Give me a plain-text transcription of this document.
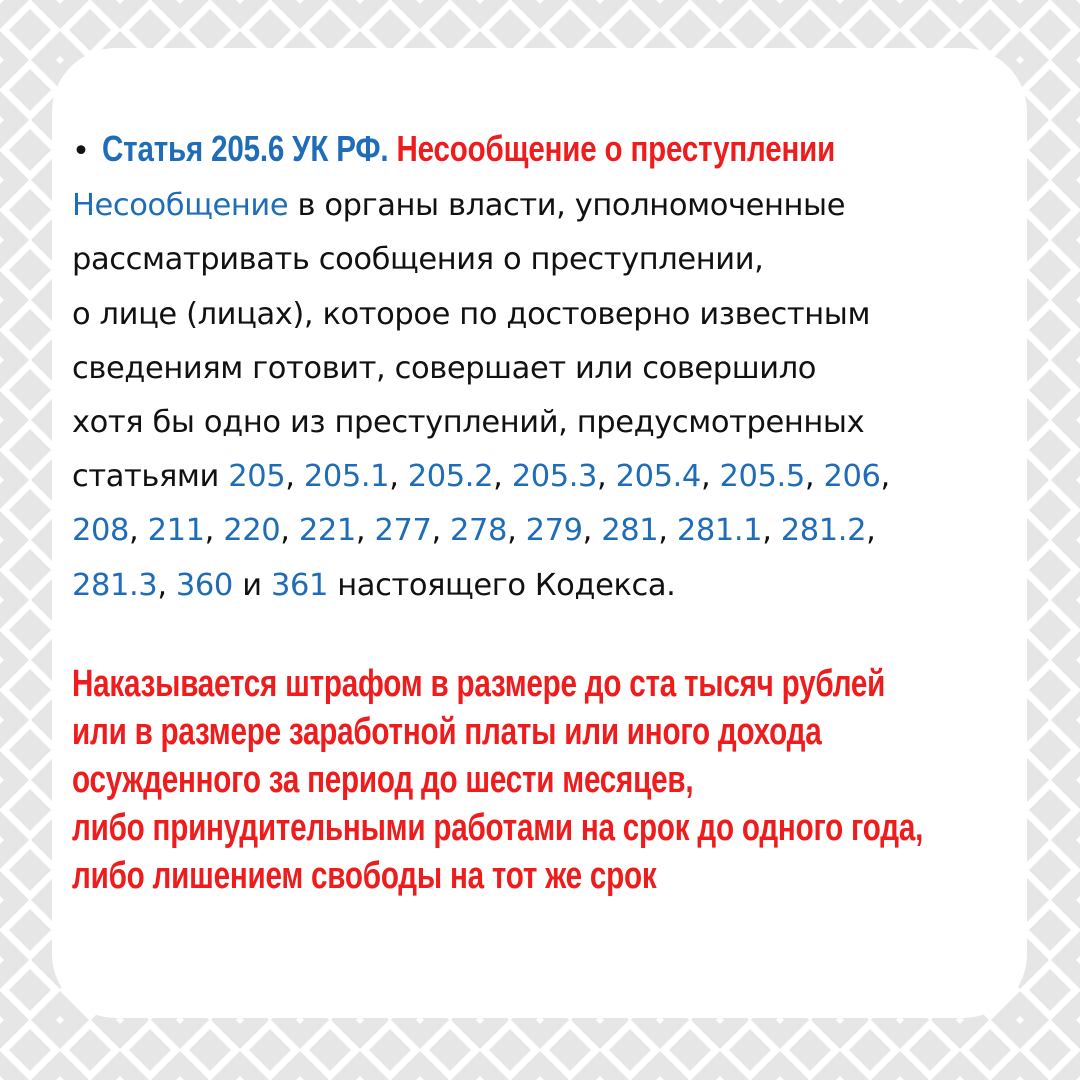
• Статья 205.6 УК РФ. Несообщение о преступлении
Несообщение в органы власти, уполномоченные
рассматривать сообщения о преступлении,
о лице (лицах), которое по достоверно известным
сведениям готовит, совершает или совершило
хотя бы одно из преступлений, предусмотренных
статьями 205, 205.1, 205.2, 205.3, 205.4, 205.5, 206,
208, 211, 220, 221, 277, 278, 279, 281, 281.1, 281.2,
281.3, 360 и 361 настоящего Кодекса.
Наказывается штрафом в размере до ста тысяч рублей
или в размере заработной платы или иного дохода
осужденного за период до шести месяцев,
либо принудительными работами на срок до одного года,
либо лишением свободы на тот же срок
